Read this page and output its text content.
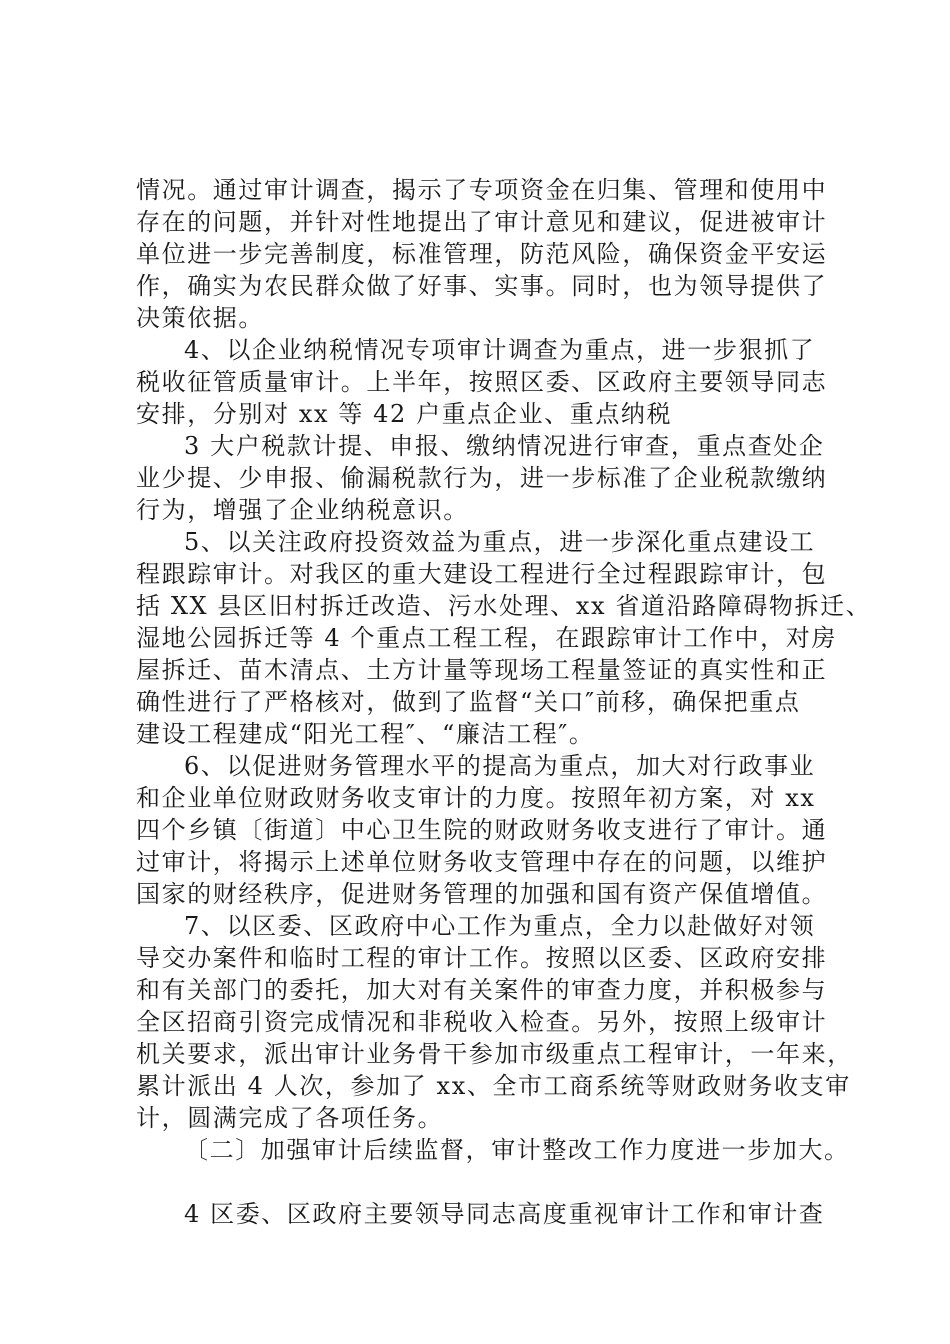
情况。通过审计调查，揭示了专项资金在归集、管理和使用中
存在的问题，并针对性地提出了审计意见和建议，促进被审计
单位进一步完善制度，标准管理，防范风险，确保资金平安运
作，确实为农民群众做了好事、实事。同时，也为领导提供了
决策依据。
4、以企业纳税情况专项审计调查为重点，进一步狠抓了
税收征管质量审计。上半年，按照区委、区政府主要领导同志
安排，分别对 xx 等 42 户重点企业、重点纳税
3 大户税款计提、申报、缴纳情况进行审查，重点查处企
业少提、少申报、偷漏税款行为，进一步标准了企业税款缴纳
行为，增强了企业纳税意识。
5、以关注政府投资效益为重点，进一步深化重点建设工
程跟踪审计。对我区的重大建设工程进行全过程跟踪审计，包
括 XX 县区旧村拆迁改造、污水处理、xx 省道沿路障碍物拆迁、
湿地公园拆迁等 4 个重点工程工程，在跟踪审计工作中，对房
屋拆迁、苗木清点、土方计量等现场工程量签证的真实性和正
确性进行了严格核对，做到了监督“关口″前移，确保把重点
建设工程建成“阳光工程″、“廉洁工程″。
6、以促进财务管理水平的提高为重点，加大对行政事业
和企业单位财政财务收支审计的力度。按照年初方案，对 xx
四个乡镇〔街道〕中心卫生院的财政财务收支进行了审计。通
过审计，将揭示上述单位财务收支管理中存在的问题，以维护
国家的财经秩序，促进财务管理的加强和国有资产保值增值。
7、以区委、区政府中心工作为重点，全力以赴做好对领
导交办案件和临时工程的审计工作。按照以区委、区政府安排
和有关部门的委托，加大对有关案件的审查力度，并积极参与
全区招商引资完成情况和非税收入检查。另外，按照上级审计
机关要求，派出审计业务骨干参加市级重点工程审计，一年来，
累计派出 4 人次，参加了 xx、全市工商系统等财政财务收支审
计，圆满完成了各项任务。
〔二〕加强审计后续监督，审计整改工作力度进一步加大。
4 区委、区政府主要领导同志高度重视审计工作和审计查
